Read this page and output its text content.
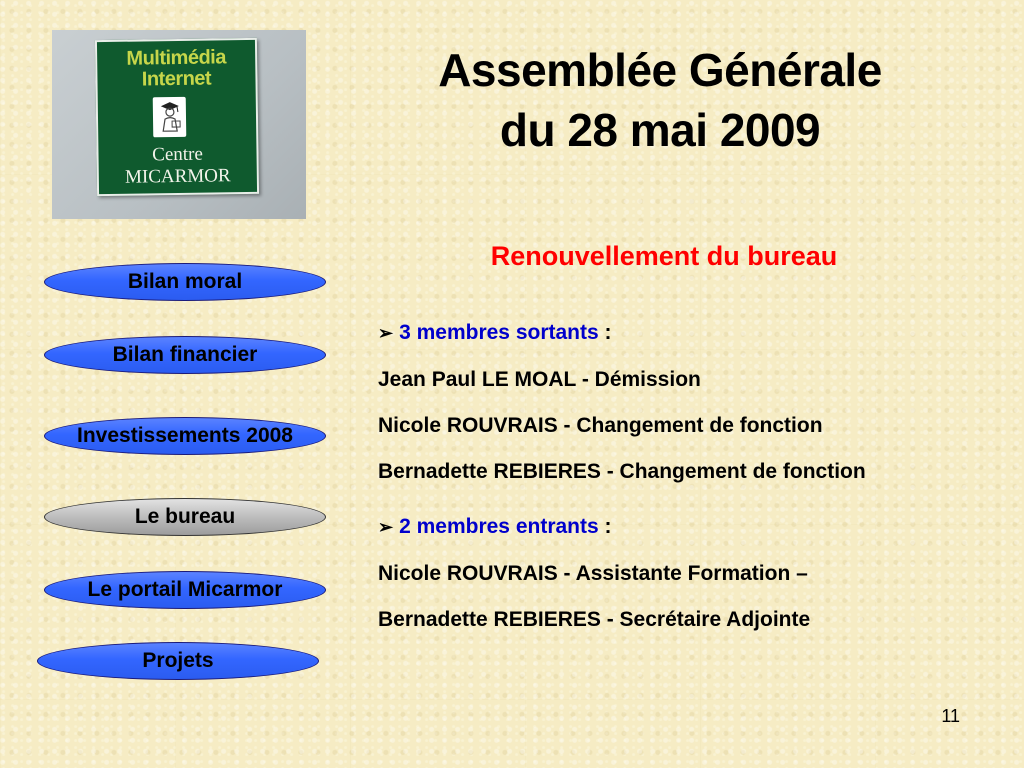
Multimédia
Internet
Centre
MICARMOR
Assemblée Générale
du 28 mai 2009
Renouvellement du bureau
Bilan moral
Bilan financier
Investissements 2008
Le bureau
Le portail Micarmor
Projets
➢ 3 membres sortants :
Jean Paul LE MOAL - Démission
Nicole ROUVRAIS - Changement de fonction
Bernadette REBIERES - Changement de fonction
➢ 2 membres entrants :
Nicole ROUVRAIS - Assistante Formation –
Bernadette REBIERES - Secrétaire Adjointe
11
